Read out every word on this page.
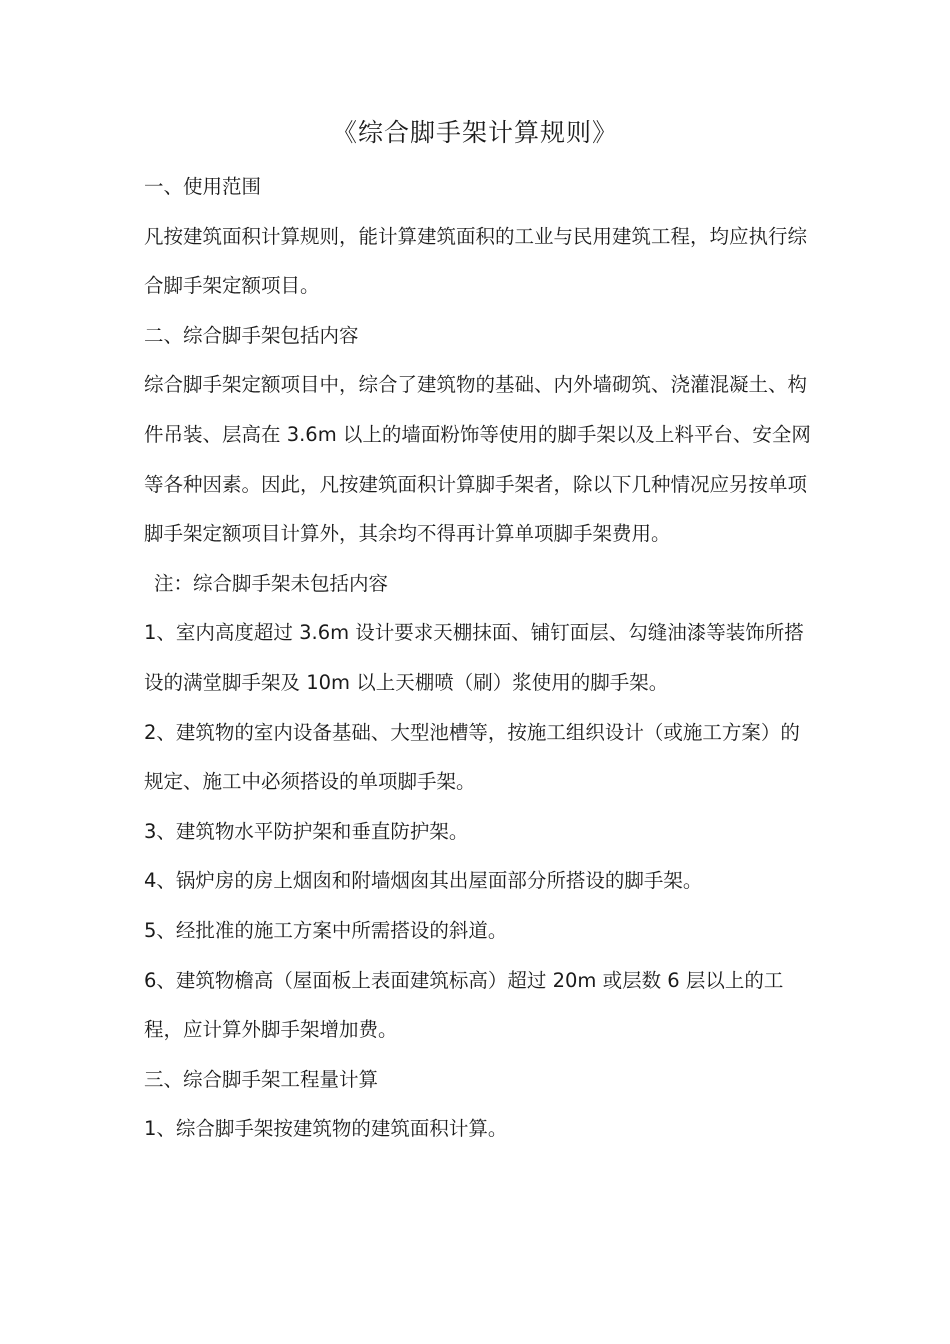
《综合脚手架计算规则》

一、使用范围

凡按建筑面积计算规则，能计算建筑面积的工业与民用建筑工程，均应执行综合脚手架定额项目。

二、综合脚手架包括内容

综合脚手架定额项目中，综合了建筑物的基础、内外墙砌筑、浇灌混凝土、构件吊装、层高在 3.6m 以上的墙面粉饰等使用的脚手架以及上料平台、安全网等各种因素。因此，凡按建筑面积计算脚手架者，除以下几种情况应另按单项脚手架定额项目计算外，其余均不得再计算单项脚手架费用。

注：综合脚手架未包括内容

1、室内高度超过 3.6m 设计要求天棚抹面、铺钉面层、勾缝油漆等装饰所搭设的满堂脚手架及 10m 以上天棚喷（刷）浆使用的脚手架。

2、建筑物的室内设备基础、大型池槽等，按施工组织设计（或施工方案）的规定、施工中必须搭设的单项脚手架。

3、建筑物水平防护架和垂直防护架。

4、锅炉房的房上烟囱和附墙烟囱其出屋面部分所搭设的脚手架。

5、经批准的施工方案中所需搭设的斜道。

6、建筑物檐高（屋面板上表面建筑标高）超过 20m 或层数 6 层以上的工程，应计算外脚手架增加费。

三、综合脚手架工程量计算

1、综合脚手架按建筑物的建筑面积计算。
